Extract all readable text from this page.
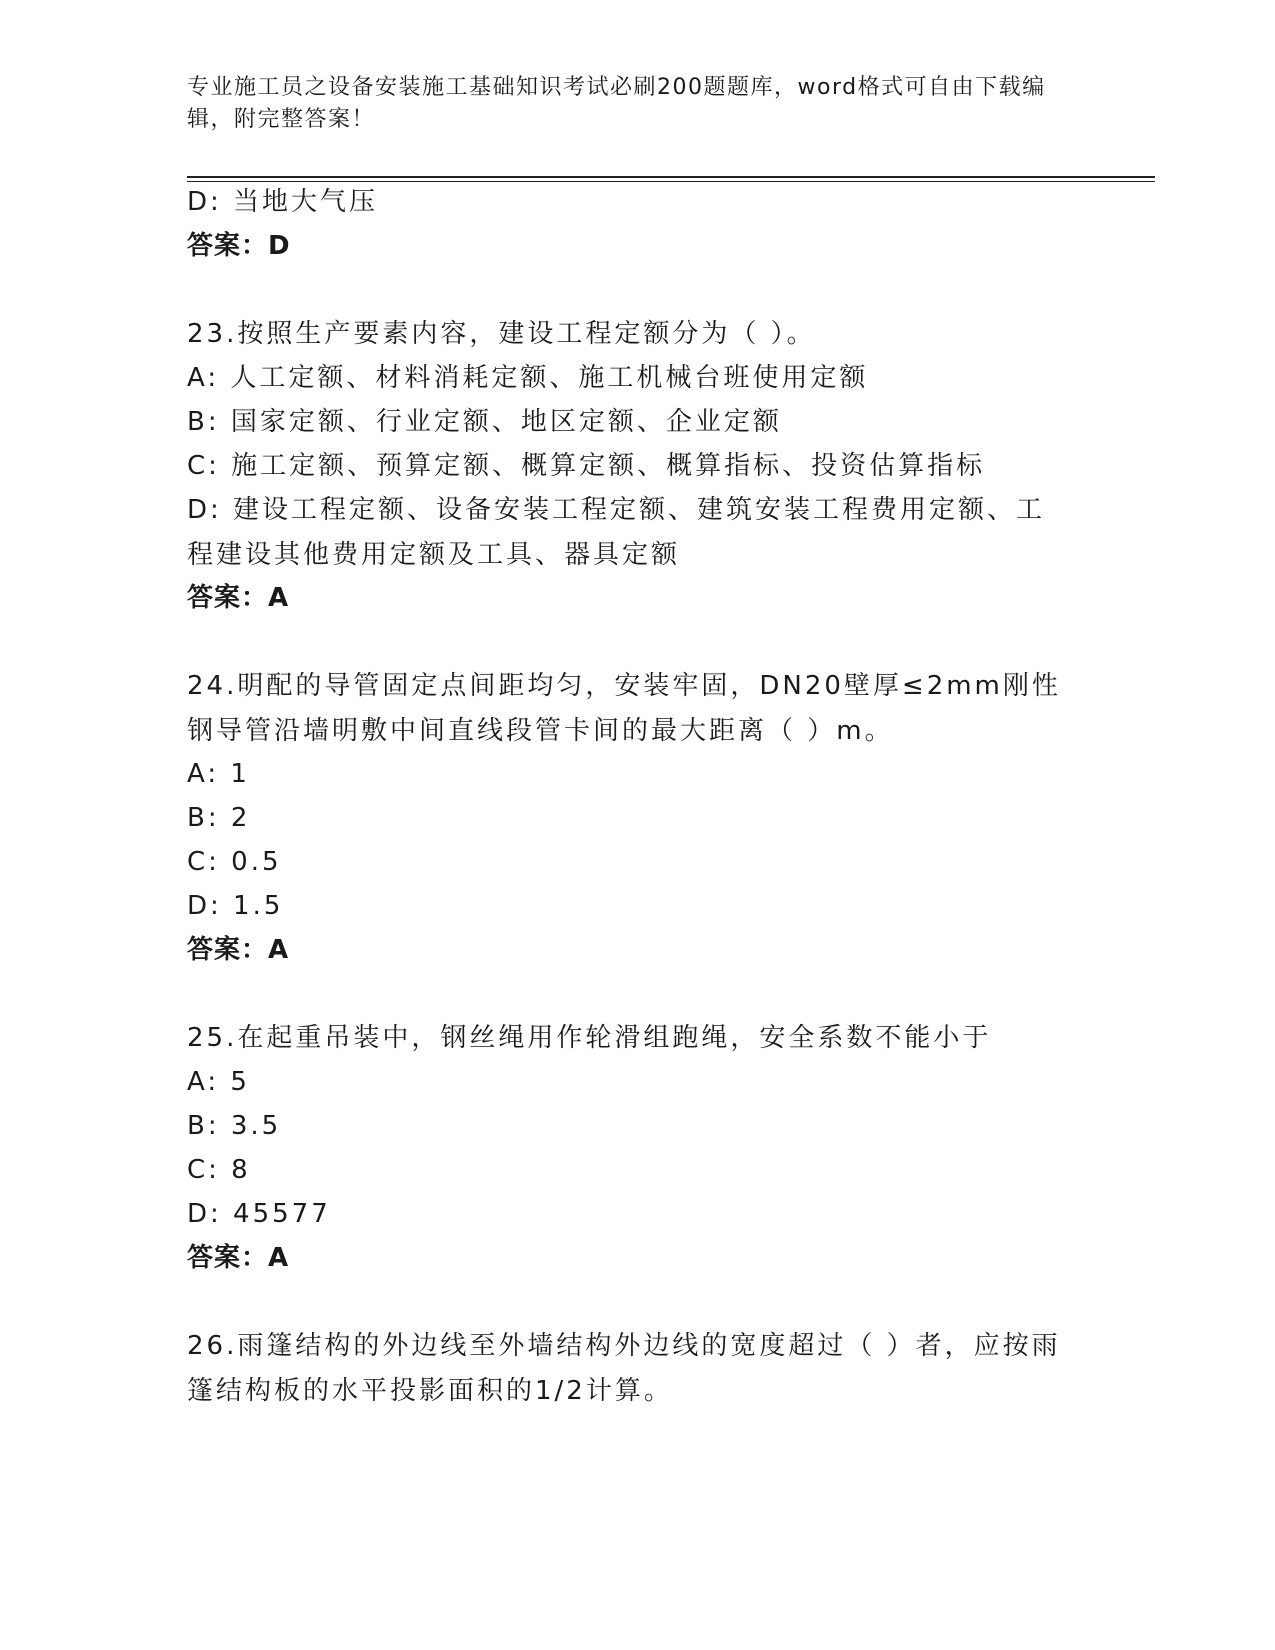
专业施工员之设备安装施工基础知识考试必刷200题题库，word格式可自由下载编辑，附完整答案！
D: 当地大气压
答案：D
23.按照生产要素内容，建设工程定额分为（ ）。
A: 人工定额、材料消耗定额、施工机械台班使用定额
B: 国家定额、行业定额、地区定额、企业定额
C: 施工定额、预算定额、概算定额、概算指标、投资估算指标
D: 建设工程定额、设备安装工程定额、建筑安装工程费用定额、工程建设其他费用定额及工具、器具定额
答案：A
24.明配的导管固定点间距均匀，安装牢固，DN20壁厚≤2mm刚性钢导管沿墙明敷中间直线段管卡间的最大距离（ ）m。
A: 1
B: 2
C: 0.5
D: 1.5
答案：A
25.在起重吊装中，钢丝绳用作轮滑组跑绳，安全系数不能小于
A: 5
B: 3.5
C: 8
D: 45577
答案：A
26.雨篷结构的外边线至外墙结构外边线的宽度超过（ ）者，应按雨篷结构板的水平投影面积的1/2计算。
